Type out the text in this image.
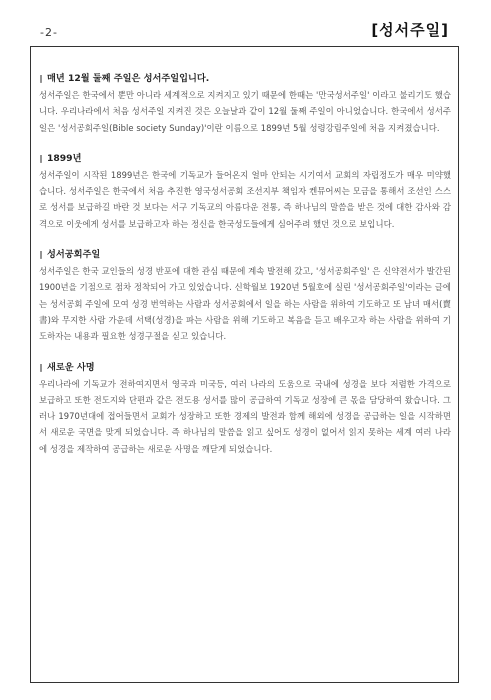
-2-	[성서주일]
∥ 매년 12월 둘째 주일은 성서주일입니다.
성서주일은 한국에서 뿐만 아니라 세계적으로 지켜지고 있기 때문에 한때는 '만국성서주일' 이라고 불리기도 했습니다. 우리나라에서 처음 성서주일 지켜진 것은 오늘날과 같이 12월 둘째 주일이 아니었습니다. 한국에서 성서주일은 '성서공회주일(Bible society Sunday)'이란 이름으로 1899년 5월 성령강림주일에 처음 지켜졌습니다.
∥ 1899년
성서주일이 시작된 1899년은 한국에 기독교가 들어온지 얼마 안되는 시기여서 교회의 자립정도가 매우 미약했습니다. 성서주일은 한국에서 처음 추진한 영국성서공회 조선지부 책임자 켄뮤어씨는 모금을 통해서 조선인 스스로 성서를 보급하길 바란 것 보다는 서구 기독교의 아름다운 전통, 즉 하나님의 말씀을 받은 것에 대한 감사와 감격으로 이웃에게 성서를 보급하고자 하는 정신을 한국성도들에게 심어주려 했던 것으로 보입니다.
∥ 성서공회주일
성서주일은 한국 교인들의 성경 반포에 대한 관심 때문에 계속 발전해 갔고, '성서공회주일' 은 신약전서가 발간된 1900년을 기점으로 점차 정착되어 가고 있었습니다. 신학월보 1920년 5월호에 실린 '성서공회주일'이라는 글에는 성서공회 주일에 모여 성경 번역하는 사람과 성서공회에서 일을 하는 사람을 위하여 기도하고 또 남녀 매서(賣書)와 무지한 사람 가운데 서택(성경)을 파는 사람을 위해 기도하고 복음을 듣고 배우고자 하는 사람을 위하여 기도하자는 내용과 필요한 성경구절을 싣고 있습니다.
∥ 새로운 사명
우리나라에 기독교가 전하여지면서 영국과 미국등, 여러 나라의 도움으로 국내에 성경을 보다 저렴한 가격으로 보급하고 또한 전도지와 단편과 같은 전도용 성서를 많이 공급하여 기독교 성장에 큰 몫을 담당하여 왔습니다. 그러나 1970년대에 접어들면서 교회가 성장하고 또한 경제의 발전과 함께 해외에 성경을 공급하는 일을 시작하면서 새로운 국면을 맞게 되었습니다. 즉 하나님의 말씀을 읽고 싶어도 성경이 없어서 읽지 못하는 세계 여러 나라에 성경을 제작하여 공급하는 새로운 사명을 깨닫게 되었습니다.
